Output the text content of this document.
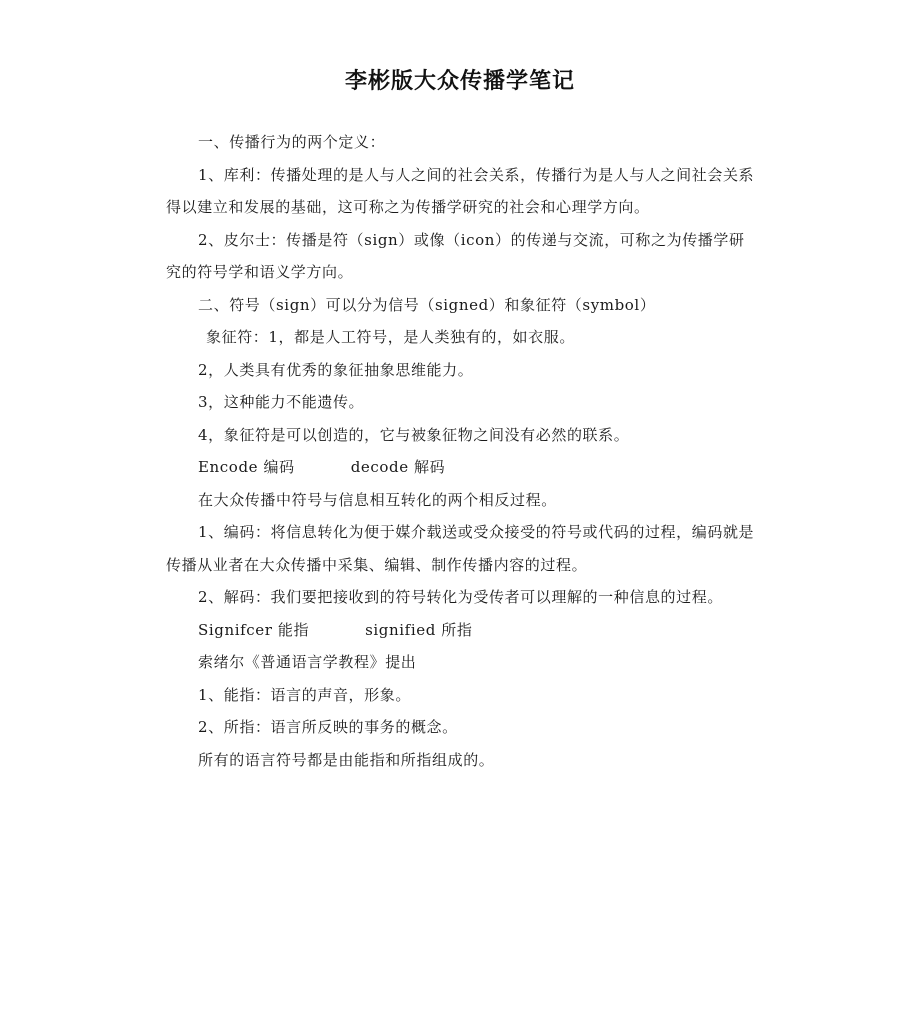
李彬版大众传播学笔记

一、传播行为的两个定义：

1、库利：传播处理的是人与人之间的社会关系，传播行为是人与人之间社会关系得以建立和发展的基础，这可称之为传播学研究的社会和心理学方向。

2、皮尔士：传播是符（sign）或像（icon）的传递与交流，可称之为传播学研究的符号学和语义学方向。

二、符号（sign）可以分为信号（signed）和象征符（symbol）

象征符：1，都是人工符号，是人类独有的，如衣服。

2，人类具有优秀的象征抽象思维能力。

3，这种能力不能遗传。

4，象征符是可以创造的，它与被象征物之间没有必然的联系。

Encode 编码	decode 解码

在大众传播中符号与信息相互转化的两个相反过程。

1、编码：将信息转化为便于媒介载送或受众接受的符号或代码的过程，编码就是传播从业者在大众传播中采集、编辑、制作传播内容的过程。

2、解码：我们要把接收到的符号转化为受传者可以理解的一种信息的过程。

Signifcer 能指	signified 所指

索绪尔《普通语言学教程》提出

1、能指：语言的声音，形象。

2、所指：语言所反映的事务的概念。

所有的语言符号都是由能指和所指组成的。
